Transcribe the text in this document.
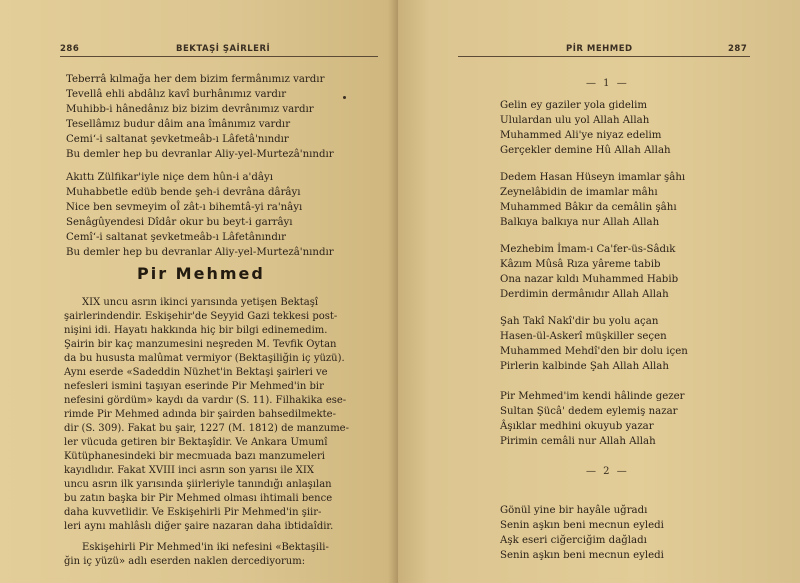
286	BEKTAŞİ ŞAİRLERİ
Teberrâ kılmağa her dem bizim fermânımız vardır
Tevellâ ehli abdâlız kavî burhânımız vardır
Muhibb-i hânedânız biz bizim devrânımız vardır
Tesellâmız budur dâim ana îmânımız vardır
Cemi‘-i saltanat şevketmeâb-ı Lâfetâ'nındır
Bu demler hep bu devranlar Aliy-yel-Murtezâ'nındır
Akıttı Zülfikar'iyle niçe dem hûn-i a'dâyı
Muhabbetle edüb bende şeh-i devrâna dârâyı
Nice ben sevmeyim oÎ zât-ı bihemtâ-yi ra'nâyı
Senâgûyendesi Dîdâr okur bu beyt-i garrâyı
Cemî‘-i saltanat şevketmeâb-ı Lâfetânındır
Bu demler hep bu devranlar Aliy-yel-Murtezâ'nındır
Pir Mehmed
XIX uncu asrın ikinci yarısında yetişen Bektaşî
şairlerindendir. Eskişehir'de Seyyid Gazi tekkesi post-
nişini idi. Hayatı hakkında hiç bir bilgi edinemedim.
Şairin bir kaç manzumesini neşreden M. Tevfik Oytan
da bu hususta malûmat vermiyor (Bektaşiliğin iç yüzü).
Aynı eserde «Sadeddin Nüzhet'in Bektaşi şairleri ve
nefesleri ismini taşıyan eserinde Pir Mehmed'in bir
nefesini gördüm» kaydı da vardır (S. 11). Filhakika ese-
rimde Pir Mehmed adında bir şairden bahsedilmekte-
dir (S. 309). Fakat bu şair, 1227 (M. 1812) de manzume-
ler vücuda getiren bir Bektaşîdir. Ve Ankara Umumî
Kütüphanesindeki bir mecmuada bazı manzumeleri
kayıdlıdır. Fakat XVIII inci asrın son yarısı ile XIX
uncu asrın ilk yarısında şiirleriyle tanındığı anlaşılan
bu zatın başka bir Pir Mehmed olması ihtimali bence
daha kuvvetlidir. Ve Eskişehirli Pir Mehmed'in şiir-
leri aynı mahlâslı diğer şaire nazaran daha ibtidaîdir.
Eskişehirli Pir Mehmed'in iki nefesini «Bektaşili-
ğin iç yüzü» adlı eserden naklen dercediyorum:
PİR MEHMED	287
— 1 —
Gelin ey gaziler yola gidelim
Ululardan ulu yol Allah Allah
Muhammed Ali'ye niyaz edelim
Gerçekler demine Hû Allah Allah
Dedem Hasan Hüseyn imamlar şâhı
Zeynelâbidin de imamlar mâhı
Muhammed Bâkır da cemâlin şâhı
Balkıya balkıya nur Allah Allah
Mezhebim İmam-ı Ca'fer-üs-Sâdık
Kâzım Mûsâ Rıza yâreme tabib
Ona nazar kıldı Muhammed Habib
Derdimin dermânıdır Allah Allah
Şah Takî Nakî'dir bu yolu açan
Hasen-ül-Askerî müşkiller seçen
Muhammed Mehdî'den bir dolu içen
Pirlerin kalbinde Şah Allah Allah
Pir Mehmed'im kendi hâlinde gezer
Sultan Şücâ' dedem eylemiş nazar
Âşıklar medhini okuyub yazar
Pirimin cemâli nur Allah Allah
— 2 —
Gönül yine bir hayâle uğradı
Senin aşkın beni mecnun eyledi
Aşk eseri ciğerciğim dağladı
Senin aşkın beni mecnun eyledi
